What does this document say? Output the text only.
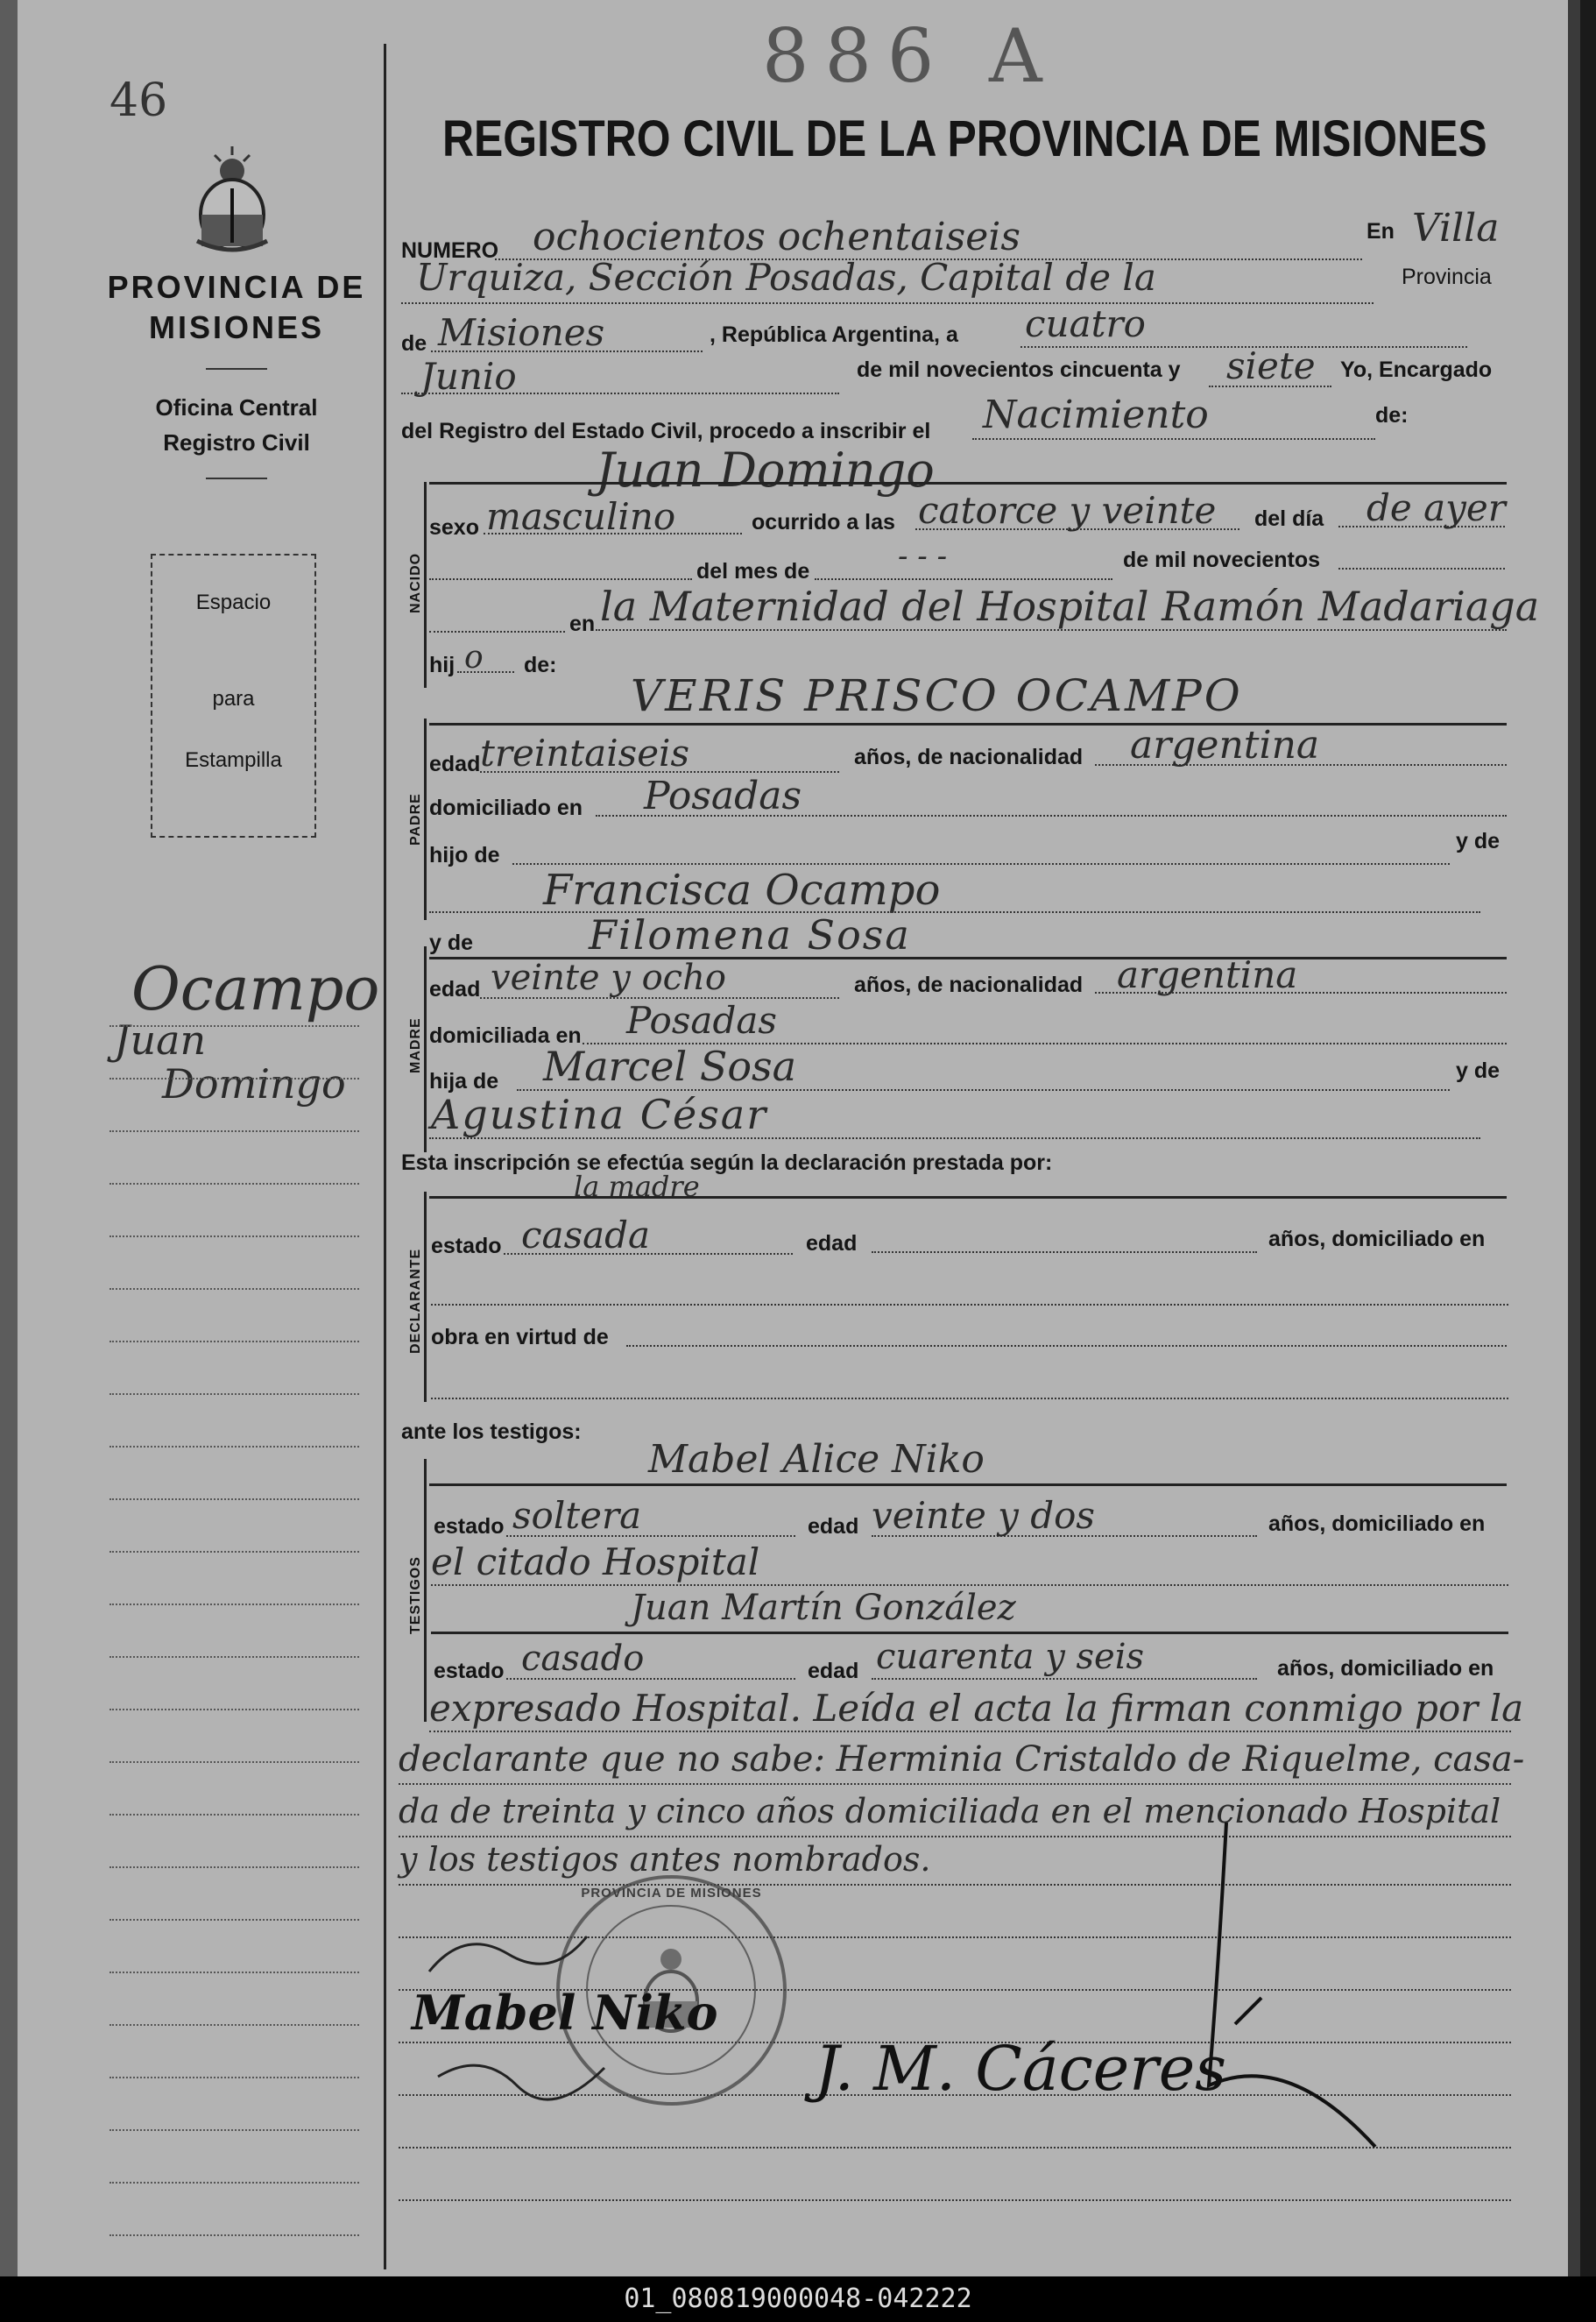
46
PROVINCIA DE MISIONES
Oficina Central
Registro Civil
Espacio
para
Estampilla
Ocampo
Juan
Domingo
886 A
REGISTRO CIVIL DE LA PROVINCIA DE MISIONES
NUMERO ochocientos ochentaiseis	En Villa
Urquiza, Sección Posadas, Capital de la	Provincia
de Misiones	, República Argentina, a cuatro
Junio	de mil novecientos cincuenta y siete Yo, Encargado
del Registro del Estado Civil, procedo a inscribir el Nacimiento	de:
NACIDO
Juan Domingo
sexo masculino	ocurrido a las catorce y veinte del día de ayer
del mes de	- - -	de mil novecientos
en la Maternidad del Hospital Ramón Madariaga
hij o de:
PADRE
VERIS PRISCO OCAMPO
edad treintaiseis	años, de nacionalidad argentina
domiciliado en Posadas
hijo de
y de
Francisca Ocampo
MADRE
y de	Filomena Sosa
edad veinte y ocho	años, de nacionalidad argentina
domiciliada en Posadas
hija de Marcel Sosa	y de
Agustina César
Esta inscripción se efectúa según la declaración prestada por:
la madre
DECLARANTE
estado casada	edad	años, domiciliado en
obra en virtud de
ante los testigos:
TESTIGOS
Mabel Alice Niko
estado soltera	edad veinte y dos	años, domiciliado en
el citado Hospital
Juan Martín González
estado casado	edad cuarenta y seis	años, domiciliado en
expresado Hospital. Leída el acta la firman conmigo por la
declarante que no sabe: Herminia Cristaldo de Riquelme, casa-
da de treinta y cinco años domiciliada en el mencionado Hospital
y los testigos antes nombrados.
PROVINCIA DE MISIONES
Mabel Niko
J. M. Cáceres
01_080819000048-042222
